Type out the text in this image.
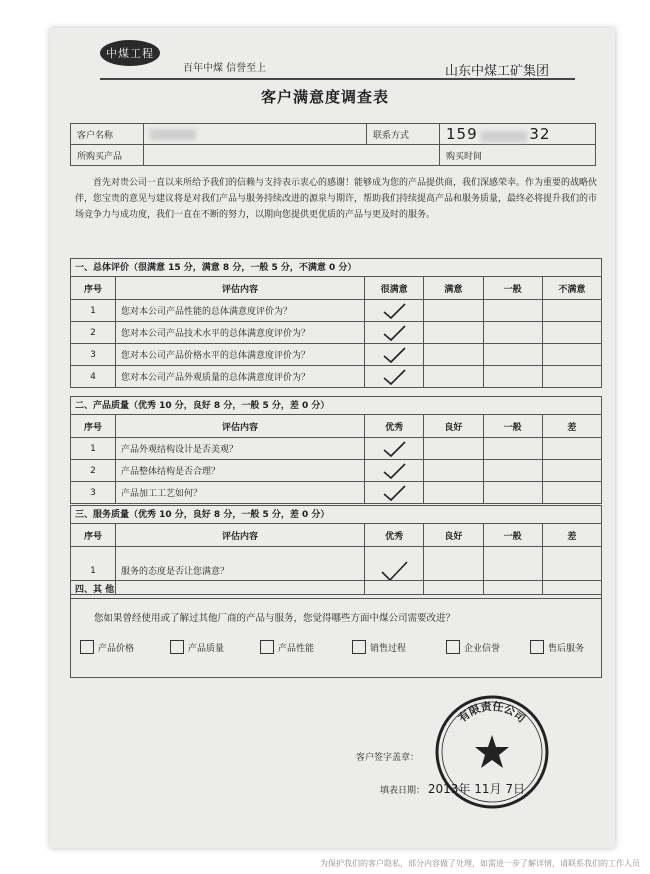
中煤工程
百年中煤 信誉至上	山东中煤工矿集团
客户满意度调查表
客户名称		联系方式	159 32
所购买产品			购买时间
首先对贵公司一直以来所给予我们的信赖与支持表示衷心的感谢！能够成为您的产品提供商，我们深感荣幸。作为重要的战略伙伴，您宝贵的意见与建议将是对我们产品与服务持续改进的源泉与期许，帮助我们持续提高产品和服务质量，最终必将提升我们的市场竞争力与成功度，我们一直在不断的努力，以期向您提供更优质的产品与更及时的服务。
一、总体评价（很满意 15 分，满意 8 分，一般 5 分，不满意 0 分）
序号	评估内容	很满意	满意	一般	不满意
1	您对本公司产品性能的总体满意度评价为？	

2	您对本公司产品技术水平的总体满意度评价为？	

3	您对本公司产品价格水平的总体满意度评价为？	

4	您对本公司产品外观质量的总体满意度评价为？	

二、产品质量（优秀 10 分，良好 8 分，一般 5 分，差 0 分）
序号	评估内容	优秀	良好	一般	差
1	产品外观结构设计是否美观？	

2	产品整体结构是否合理？	

3	产品加工工艺如何？	

三、服务质量（优秀 10 分，良好 8 分，一般 5 分，差 0 分）
序号	评估内容	优秀	良好	一般	差
1	服务的态度是否让您满意？	

四、其 他
您如果曾经使用或了解过其他厂商的产品与服务，您觉得哪些方面中煤公司需要改进？
产品价格	产品质量	产品性能	销售过程	企业信誉	售后服务
客户签字盖章：
填表日期： 2013年 11月 7日
有限责任公司
为保护我们的客户隐私，部分内容做了处理，如需进一步了解详情，请联系我们的工作人员
